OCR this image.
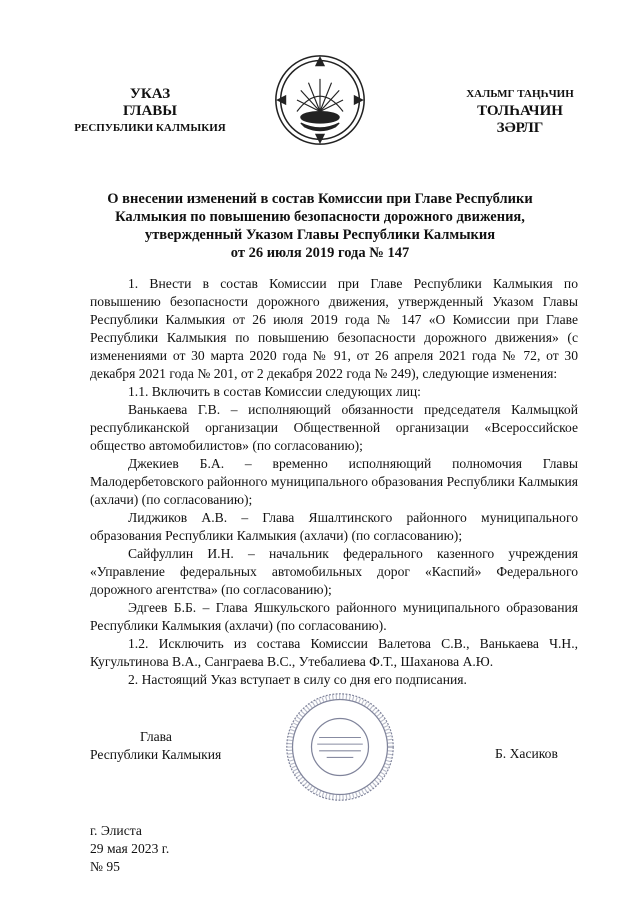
УКАЗ
ГЛАВЫ
РЕСПУБЛИКИ КАЛМЫКИЯ
ХАЛЬМГ ТАҢҺЧИН
ТОЛҺАЧИН
ЗӘРЛГ
О внесении изменений в состав Комиссии при Главе Республики
Калмыкия по повышению безопасности дорожного движения,
утвержденный Указом Главы Республики Калмыкия
от 26 июля 2019 года № 147

1. Внести в состав Комиссии при Главе Республики Калмыкия по повышению безопасности дорожного движения, утвержденный Указом Главы Республики Калмыкия от 26 июля 2019 года № 147 «О Комиссии при Главе Республики Калмыкия по повышению безопасности дорожного движения» (с изменениями от 30 марта 2020 года № 91, от 26 апреля 2021 года № 72, от 30 декабря 2021 года № 201, от 2 декабря 2022 года № 249), следующие изменения:

1.1. Включить в состав Комиссии следующих лиц:

Ванькаева Г.В. – исполняющий обязанности председателя Калмыцкой республиканской организации Общественной организации «Всероссийское общество автомобилистов» (по согласованию);

Джекиев Б.А. – временно исполняющий полномочия Главы Малодербетовского районного муниципального образования Республики Калмыкия (ахлачи) (по согласованию);

Лиджиков А.В. – Глава Яшалтинского районного муниципального образования Республики Калмыкия (ахлачи) (по согласованию);

Сайфуллин И.Н. – начальник федерального казенного учреждения «Управление федеральных автомобильных дорог «Каспий» Федерального дорожного агентства» (по согласованию);

Эдгеев Б.Б. – Глава Яшкульского районного муниципального образования Республики Калмыкия (ахлачи) (по согласованию).

1.2. Исключить из состава Комиссии Валетова С.В., Ванькаева Ч.Н., Кугультинова В.А., Санграева В.С., Утебалиева Ф.Т., Шаханова А.Ю.

2. Настоящий Указ вступает в силу со дня его подписания.

Глава
Республики Калмыкия	Б. Хасиков
г. Элиста
29 мая 2023 г.
№ 95
